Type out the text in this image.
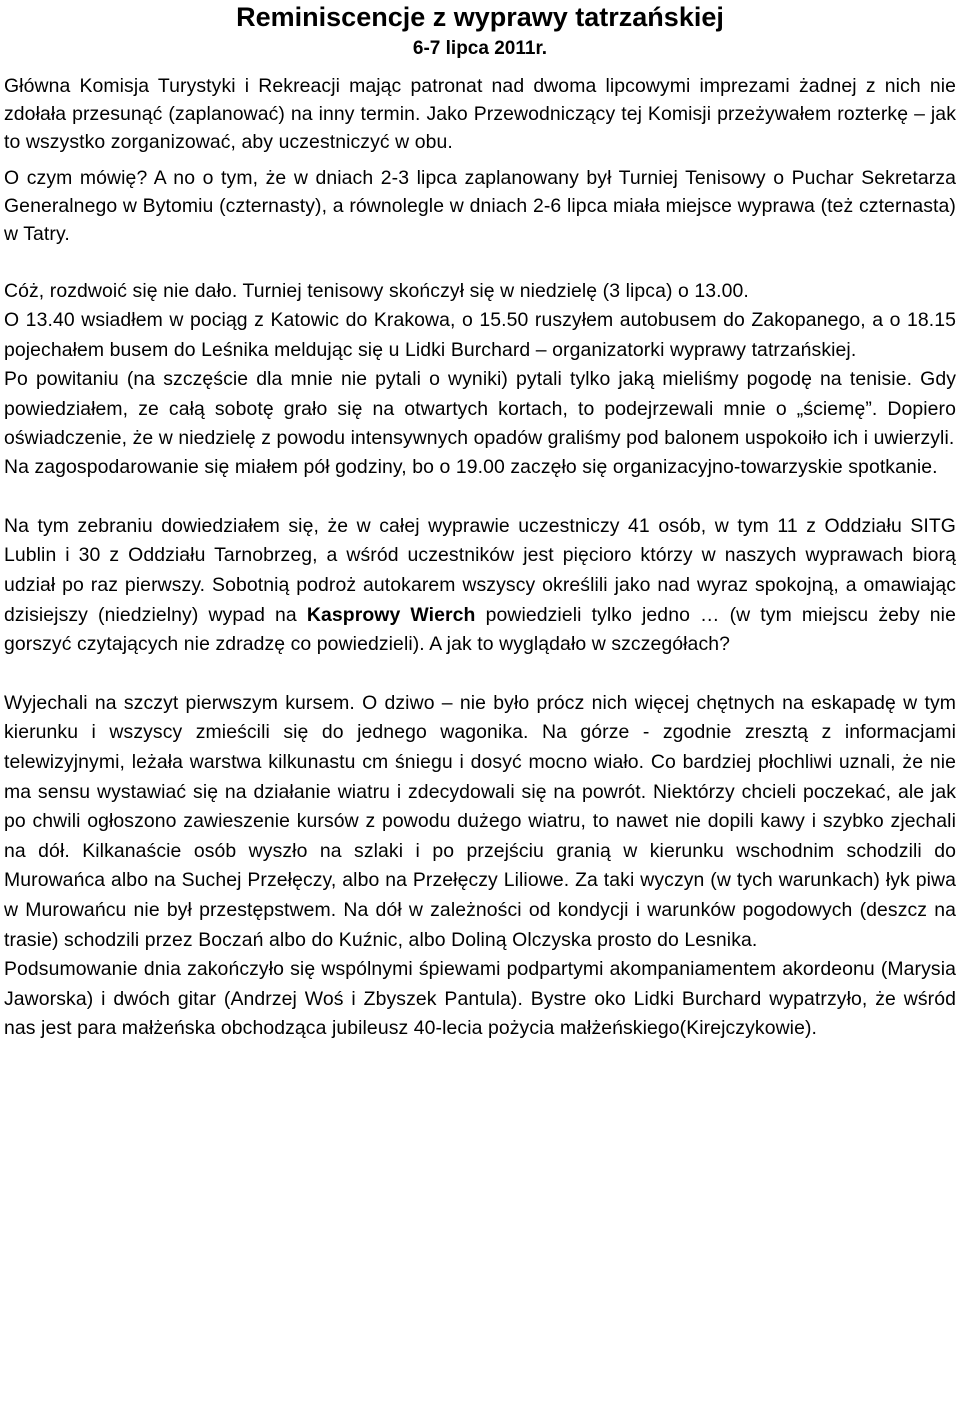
Reminiscencje z wyprawy tatrzańskiej

6-7 lipca 2011r.

Główna Komisja Turystyki i Rekreacji mając patronat nad dwoma lipcowymi imprezami żadnej z nich nie zdołała przesunąć (zaplanować) na inny termin. Jako Przewodniczący tej Komisji przeżywałem rozterkę – jak to wszystko zorganizować, aby uczestniczyć w obu.

O czym mówię? A no o tym, że w dniach 2-3 lipca zaplanowany był Turniej Tenisowy o Puchar Sekretarza Generalnego w Bytomiu (czternasty), a równolegle w dniach 2-6 lipca miała miejsce wyprawa (też czternasta) w Tatry.

Cóż, rozdwoić się nie dało. Turniej tenisowy skończył się w niedzielę (3 lipca) o 13.00.

O 13.40 wsiadłem w pociąg z Katowic do Krakowa, o 15.50 ruszyłem autobusem do Zakopanego, a o 18.15 pojechałem busem do Leśnika meldując się u Lidki Burchard – organizatorki wyprawy tatrzańskiej.

Po powitaniu (na szczęście dla mnie nie pytali o wyniki) pytali tylko jaką mieliśmy pogodę na tenisie. Gdy powiedziałem, ze całą sobotę grało się na otwartych kortach, to podejrzewali mnie o „ściemę”. Dopiero oświadczenie, że w niedzielę z powodu intensywnych opadów graliśmy pod balonem uspokoiło ich i uwierzyli.

Na zagospodarowanie się miałem pół godziny, bo o 19.00 zaczęło się organizacyjno-towarzyskie spotkanie.

Na tym zebraniu dowiedziałem się, że w całej wyprawie uczestniczy 41 osób, w tym 11 z Oddziału SITG Lublin i 30 z Oddziału Tarnobrzeg, a wśród uczestników jest pięcioro którzy w naszych wyprawach biorą udział po raz pierwszy. Sobotnią podroż autokarem wszyscy określili jako nad wyraz spokojną, a omawiając dzisiejszy (niedzielny) wypad na Kasprowy Wierch powiedzieli tylko jedno … (w tym miejscu żeby nie gorszyć czytających nie zdradzę co powiedzieli). A jak to wyglądało w szczegółach?

Wyjechali na szczyt pierwszym kursem. O dziwo – nie było prócz nich więcej chętnych na eskapadę w tym kierunku i wszyscy zmieścili się do jednego wagonika. Na górze - zgodnie zresztą z informacjami telewizyjnymi, leżała warstwa kilkunastu cm śniegu i dosyć mocno wiało. Co bardziej płochliwi uznali, że nie ma sensu wystawiać się na działanie wiatru i zdecydowali się na powrót. Niektórzy chcieli poczekać, ale jak po chwili ogłoszono zawieszenie kursów z powodu dużego wiatru, to nawet nie dopili kawy i szybko zjechali na dół. Kilkanaście osób wyszło na szlaki i po przejściu granią w kierunku wschodnim schodzili do Murowańca albo na Suchej Przełęczy, albo na Przełęczy Liliowe. Za taki wyczyn (w tych warunkach) łyk piwa w Murowańcu nie był przestępstwem. Na dół w zależności od kondycji i warunków pogodowych (deszcz na trasie) schodzili przez Boczań albo do Kuźnic, albo Doliną Olczyska prosto do Lesnika.

Podsumowanie dnia zakończyło się wspólnymi śpiewami podpartymi akompaniamentem akordeonu (Marysia Jaworska) i dwóch gitar (Andrzej Woś i Zbyszek Pantula). Bystre oko Lidki Burchard wypatrzyło, że wśród nas jest para małżeńska obchodząca jubileusz 40-lecia pożycia małżeńskiego(Kirejczykowie).
